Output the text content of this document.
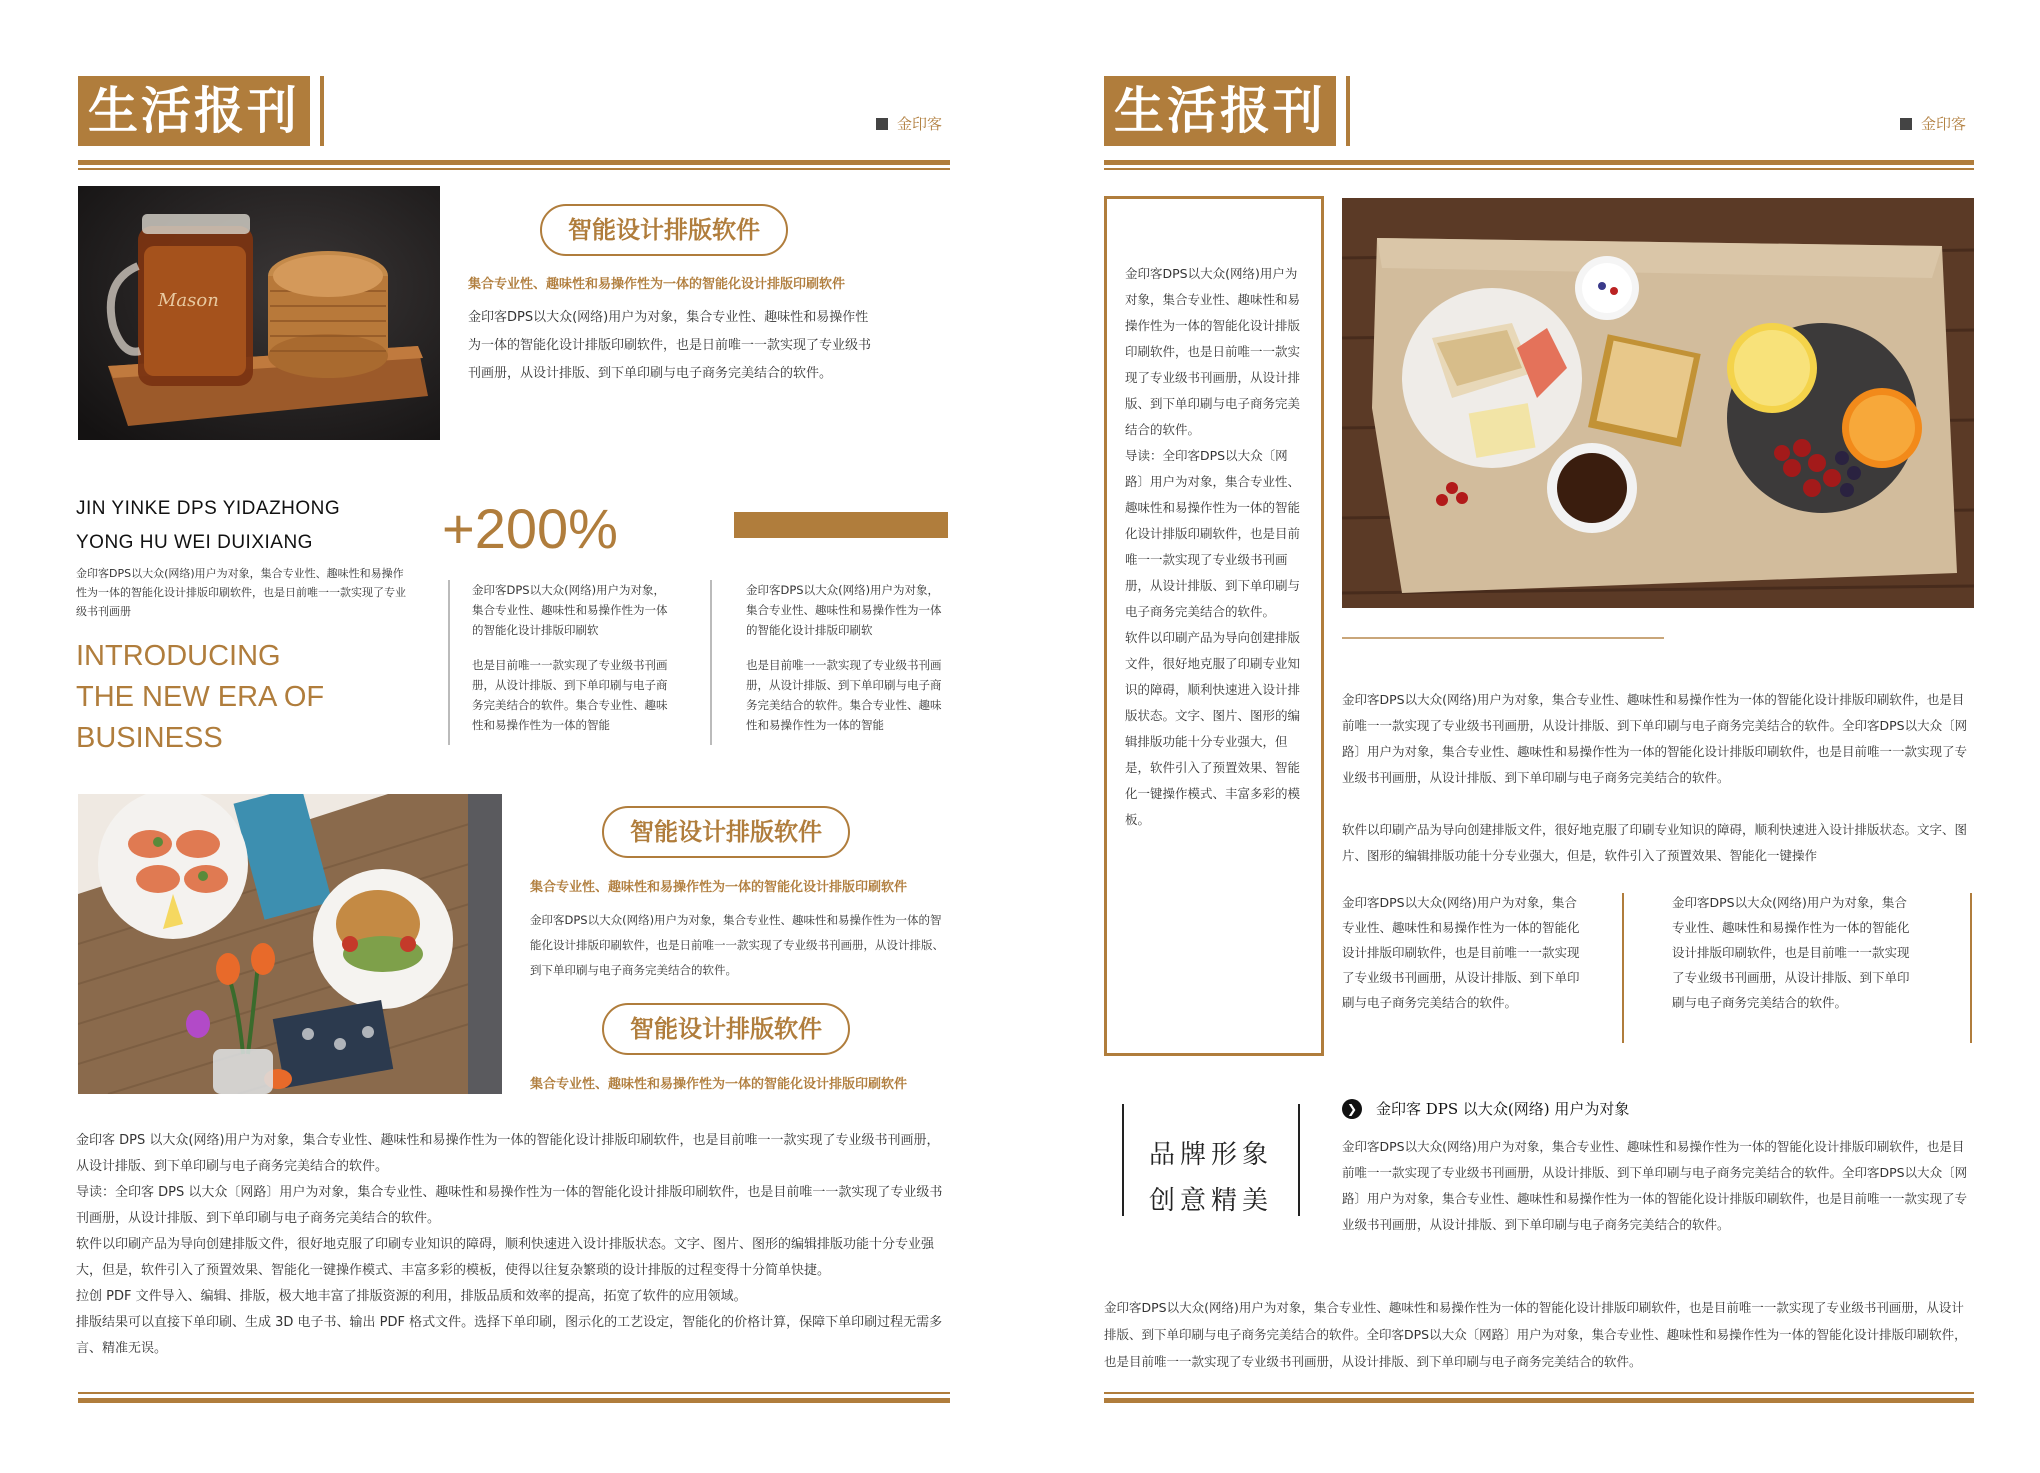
生活报刊	金印客
Mason
智能设计排版软件
集合专业性、趣味性和易操作性为一体的智能化设计排版印刷软件
金印客DPS以大众(网络)用户为对象，集合专业性、趣味性和易操作性为一体的智能化设计排版印刷软件，也是日前唯一一款实现了专业级书刊画册，从设计排版、到下单印刷与电子商务完美结合的软件。
JIN YINKE DPS YIDAZHONG
YONG HU WEI DUIXIANG
金印客DPS以大众(网络)用户为对象，集合专业性、趣味性和易操作性为一体的智能化设计排版印刷软件，也是日前唯一一款实现了专业级书刊画册
INTRODUCING
THE NEW ERA OF
BUSINESS
+200%
金印客DPS以大众(网络)用户为对象，集合专业性、趣味性和易操作性为一体的智能化设计排版印刷软
也是目前唯一一款实现了专业级书刊画册，从设计排版、到下单印刷与电子商务完美结合的软件。集合专业性、趣味性和易操作性为一体的智能
金印客DPS以大众(网络)用户为对象，集合专业性、趣味性和易操作性为一体的智能化设计排版印刷软
也是目前唯一一款实现了专业级书刊画册，从设计排版、到下单印刷与电子商务完美结合的软件。集合专业性、趣味性和易操作性为一体的智能
智能设计排版软件
集合专业性、趣味性和易操作性为一体的智能化设计排版印刷软件
金印客DPS以大众(网络)用户为对象，集合专业性、趣味性和易操作性为一体的智能化设计排版印刷软件，也是日前唯一一款实现了专业级书刊画册，从设计排版、到下单印刷与电子商务完美结合的软件。
智能设计排版软件
集合专业性、趣味性和易操作性为一体的智能化设计排版印刷软件

金印客 DPS 以大众(网络)用户为对象，集合专业性、趣味性和易操作性为一体的智能化设计排版印刷软件，也是目前唯一一款实现了专业级书刊画册，从设计排版、到下单印刷与电子商务完美结合的软件。

导读：全印客 DPS 以大众〔网路〕用户为对象，集合专业性、趣味性和易操作性为一体的智能化设计排版印刷软件，也是目前唯一一款实现了专业级书刊画册，从设计排版、到下单印刷与电子商务完美结合的软件。

软件以印刷产品为导向创建排版文件，很好地克服了印刷专业知识的障碍，顺利快速进入设计排版状态。文字、图片、图形的编辑排版功能十分专业强大，但是，软件引入了预置效果、智能化一键操作模式、丰富多彩的模板，使得以往复杂繁琐的设计排版的过程变得十分简单快捷。

拉创 PDF 文件导入、编辑、排版，极大地丰富了排版资源的利用，排版品质和效率的提高，拓宽了软件的应用领域。

排版结果可以直接下单印刷、生成 3D 电子书、输出 PDF 格式文件。选择下单印刷，图示化的工艺设定，智能化的价格计算，保障下单印刷过程无需多言、精准无误。

生活报刊	金印客

金印客DPS以大众(网络)用户为对象，集合专业性、趣味性和易操作性为一体的智能化设计排版印刷软件，也是日前唯一一款实现了专业级书刊画册，从设计排版、到下单印刷与电子商务完美结合的软件。

导读：全印客DPS以大众〔网路〕用户为对象，集合专业性、趣味性和易操作性为一体的智能化设计排版印刷软件，也是目前唯一一款实现了专业级书刊画册，从设计排版、到下单印刷与电子商务完美结合的软件。

软件以印刷产品为导向创建排版文件，很好地克服了印刷专业知识的障碍，顺利快速进入设计排版状态。文字、图片、图形的编辑排版功能十分专业强大，但是，软件引入了预置效果、智能化一键操作模式、丰富多彩的模板。

金印客DPS以大众(网络)用户为对象，集合专业性、趣味性和易操作性为一体的智能化设计排版印刷软件，也是目前唯一一款实现了专业级书刊画册，从设计排版、到下单印刷与电子商务完美结合的软件。全印客DPS以大众〔网路〕用户为对象，集合专业性、趣味性和易操作性为一体的智能化设计排版印刷软件，也是目前唯一一款实现了专业级书刊画册，从设计排版、到下单印刷与电子商务完美结合的软件。

软件以印刷产品为导向创建排版文件，很好地克服了印刷专业知识的障碍，顺利快速进入设计排版状态。文字、图片、图形的编辑排版功能十分专业强大，但是，软件引入了预置效果、智能化一键操作

金印客DPS以大众(网络)用户为对象，集合专业性、趣味性和易操作性为一体的智能化设计排版印刷软件，也是目前唯一一款实现了专业级书刊画册，从设计排版、到下单印刷与电子商务完美结合的软件。

金印客DPS以大众(网络)用户为对象，集合专业性、趣味性和易操作性为一体的智能化设计排版印刷软件，也是目前唯一一款实现了专业级书刊画册，从设计排版、到下单印刷与电子商务完美结合的软件。

品牌形象
创意精美
❯	金印客 DPS 以大众(网络) 用户为对象

金印客DPS以大众(网络)用户为对象，集合专业性、趣味性和易操作性为一体的智能化设计排版印刷软件，也是目前唯一一款实现了专业级书刊画册，从设计排版、到下单印刷与电子商务完美结合的软件。全印客DPS以大众〔网路〕用户为对象，集合专业性、趣味性和易操作性为一体的智能化设计排版印刷软件，也是目前唯一一款实现了专业级书刊画册，从设计排版、到下单印刷与电子商务完美结合的软件。

金印客DPS以大众(网络)用户为对象，集合专业性、趣味性和易操作性为一体的智能化设计排版印刷软件，也是目前唯一一款实现了专业级书刊画册，从设计排版、到下单印刷与电子商务完美结合的软件。全印客DPS以大众〔网路〕用户为对象，集合专业性、趣味性和易操作性为一体的智能化设计排版印刷软件，也是目前唯一一款实现了专业级书刊画册，从设计排版、到下单印刷与电子商务完美结合的软件。
